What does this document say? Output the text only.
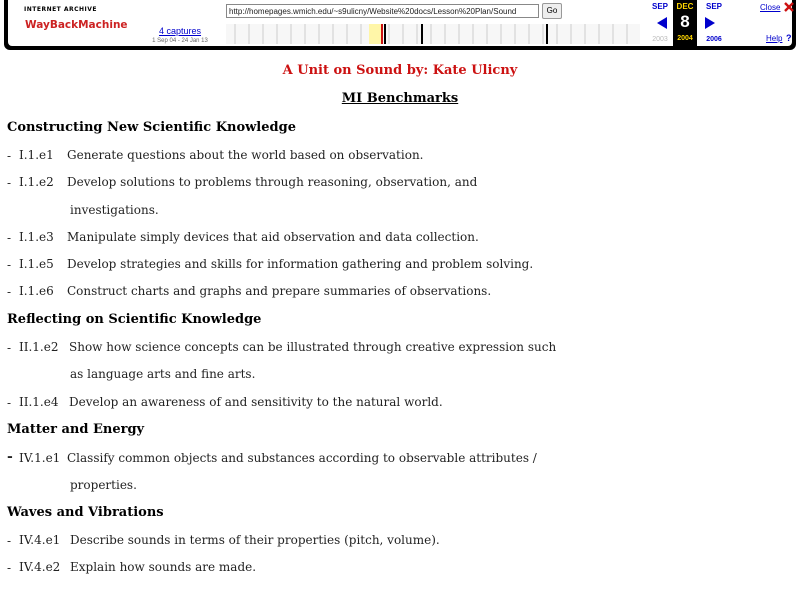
INTERNET ARCHIVE
WayBackMachine	4 captures
1 Sep 04 - 24 Jan 13
http://homepages.wmich.edu/~s9ulicny/Website%20docs/Lesson%20Plan/Sound	Go	SEP
2003
DEC
8
2004
SEP
2006
Close
Help ?
A Unit on Sound by: Kate Ulicny
MI Benchmarks
Constructing New Scientific Knowledge
- I.1.e1 Generate questions about the world based on observation.
- I.1.e2 Develop solutions to problems through reasoning, observation, and
investigations.
- I.1.e3 Manipulate simply devices that aid observation and data collection.
- I.1.e5 Develop strategies and skills for information gathering and problem solving.
- I.1.e6 Construct charts and graphs and prepare summaries of observations.
Reflecting on Scientific Knowledge
- II.1.e2 Show how science concepts can be illustrated through creative expression such
as language arts and fine arts.
- II.1.e4 Develop an awareness of and sensitivity to the natural world.
Matter and Energy
- IV.1.e1 Classify common objects and substances according to observable attributes /
properties.
Waves and Vibrations
- IV.4.e1 Describe sounds in terms of their properties (pitch, volume).
- IV.4.e2 Explain how sounds are made.
